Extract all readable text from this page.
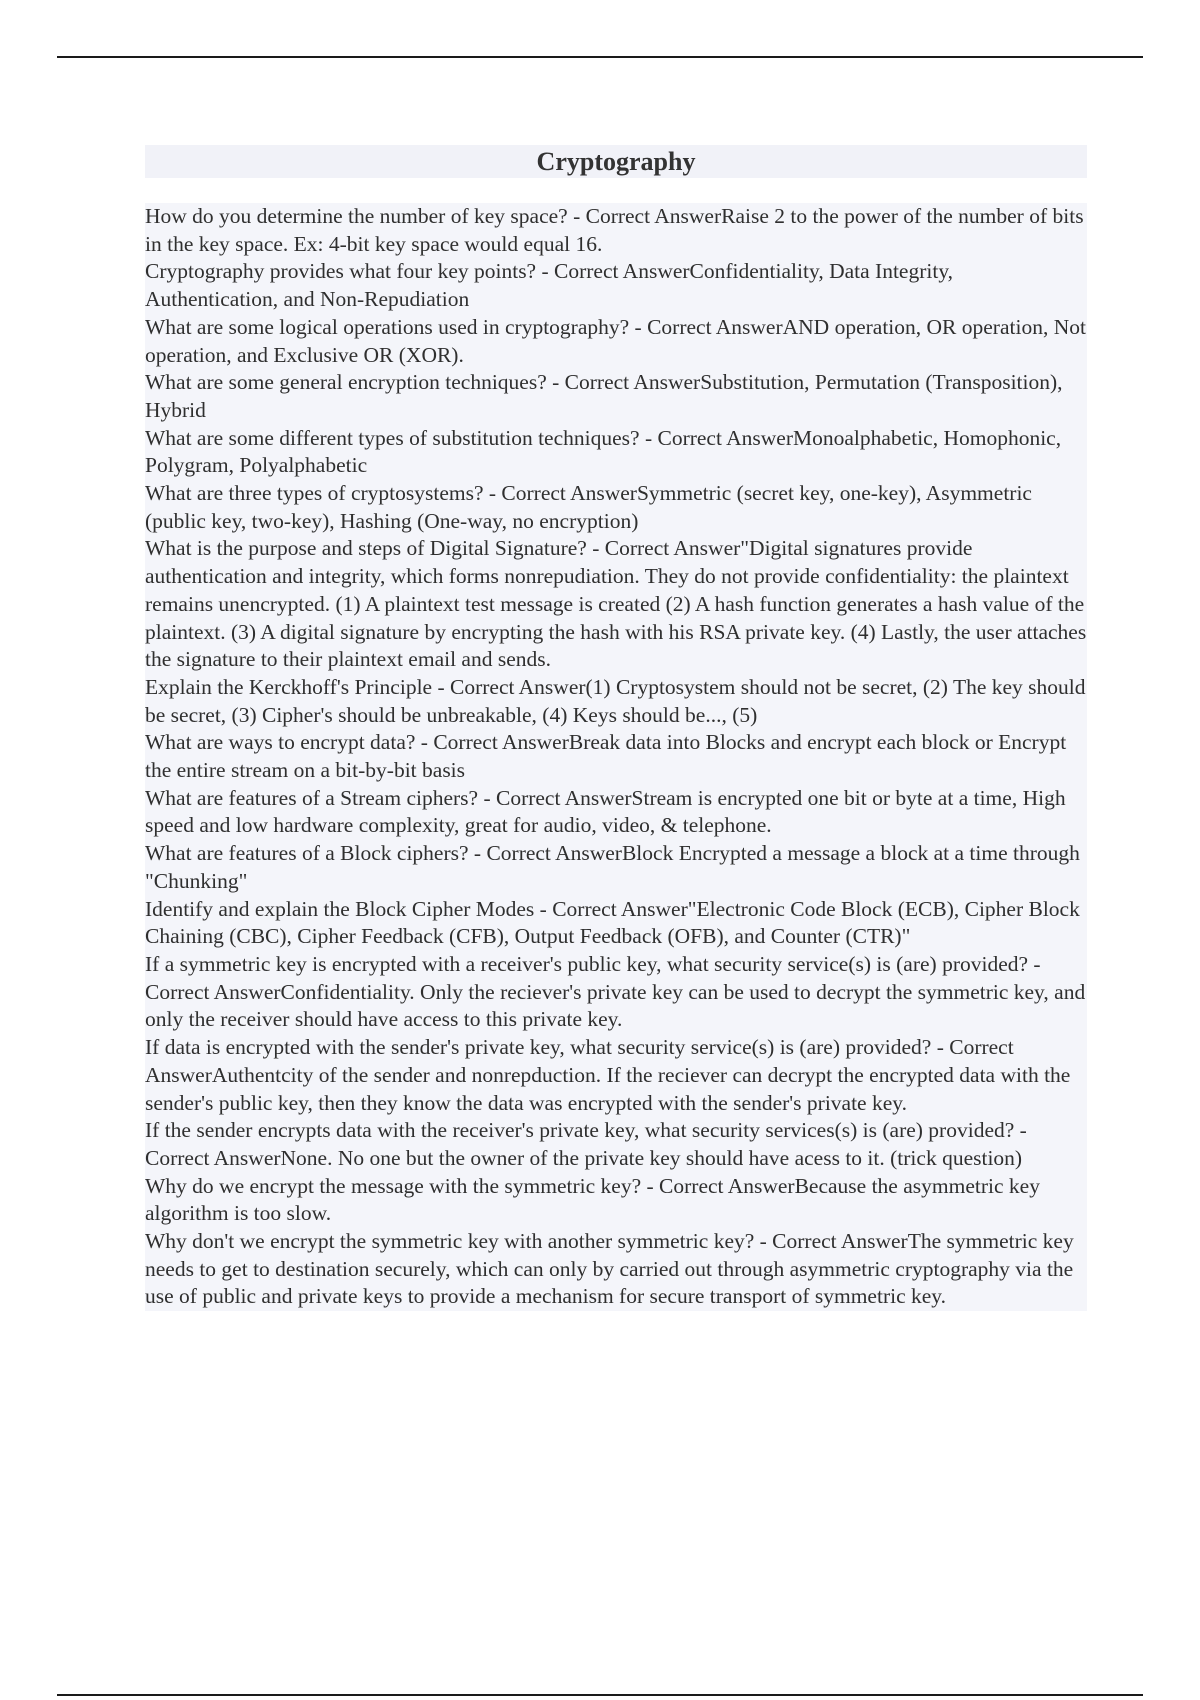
Cryptography

How do you determine the number of key space? - Correct AnswerRaise 2 to the power of the number of bits in the key space. Ex: 4-bit key space would equal 16.

Cryptography provides what four key points? - Correct AnswerConfidentiality, Data Integrity, Authentication, and Non-Repudiation

What are some logical operations used in cryptography? - Correct AnswerAND operation, OR operation, Not operation, and Exclusive OR (XOR).

What are some general encryption techniques? - Correct AnswerSubstitution, Permutation (Transposition), Hybrid

What are some different types of substitution techniques? - Correct AnswerMonoalphabetic, Homophonic, Polygram, Polyalphabetic

What are three types of cryptosystems? - Correct AnswerSymmetric (secret key, one-key), Asymmetric (public key, two-key), Hashing (One-way, no encryption)

What is the purpose and steps of Digital Signature? - Correct Answer"Digital signatures provide authentication and integrity, which forms nonrepudiation. They do not provide confidentiality: the plaintext remains unencrypted. (1) A plaintext test message is created (2) A hash function generates a hash value of the plaintext. (3) A digital signature by encrypting the hash with his RSA private key. (4) Lastly, the user attaches the signature to their plaintext email and sends.

Explain the Kerckhoff's Principle - Correct Answer(1) Cryptosystem should not be secret, (2) The key should be secret, (3) Cipher's should be unbreakable, (4) Keys should be..., (5)

What are ways to encrypt data? - Correct AnswerBreak data into Blocks and encrypt each block or Encrypt the entire stream on a bit-by-bit basis

What are features of a Stream ciphers? - Correct AnswerStream is encrypted one bit or byte at a time, High speed and low hardware complexity, great for audio, video, & telephone.

What are features of a Block ciphers? - Correct AnswerBlock Encrypted a message a block at a time through "Chunking"

Identify and explain the Block Cipher Modes - Correct Answer"Electronic Code Block (ECB), Cipher Block Chaining (CBC), Cipher Feedback (CFB), Output Feedback (OFB), and Counter (CTR)"

If a symmetric key is encrypted with a receiver's public key, what security service(s) is (are) provided? - Correct AnswerConfidentiality. Only the reciever's private key can be used to decrypt the symmetric key, and only the receiver should have access to this private key.

If data is encrypted with the sender's private key, what security service(s) is (are) provided? - Correct AnswerAuthentcity of the sender and nonrepduction. If the reciever can decrypt the encrypted data with the sender's public key, then they know the data was encrypted with the sender's private key.

If the sender encrypts data with the receiver's private key, what security services(s) is (are) provided? - Correct AnswerNone. No one but the owner of the private key should have acess to it. (trick question)

Why do we encrypt the message with the symmetric key? - Correct AnswerBecause the asymmetric key algorithm is too slow.

Why don't we encrypt the symmetric key with another symmetric key? - Correct AnswerThe symmetric key needs to get to destination securely, which can only by carried out through asymmetric cryptography via the use of public and private keys to provide a mechanism for secure transport of symmetric key.
